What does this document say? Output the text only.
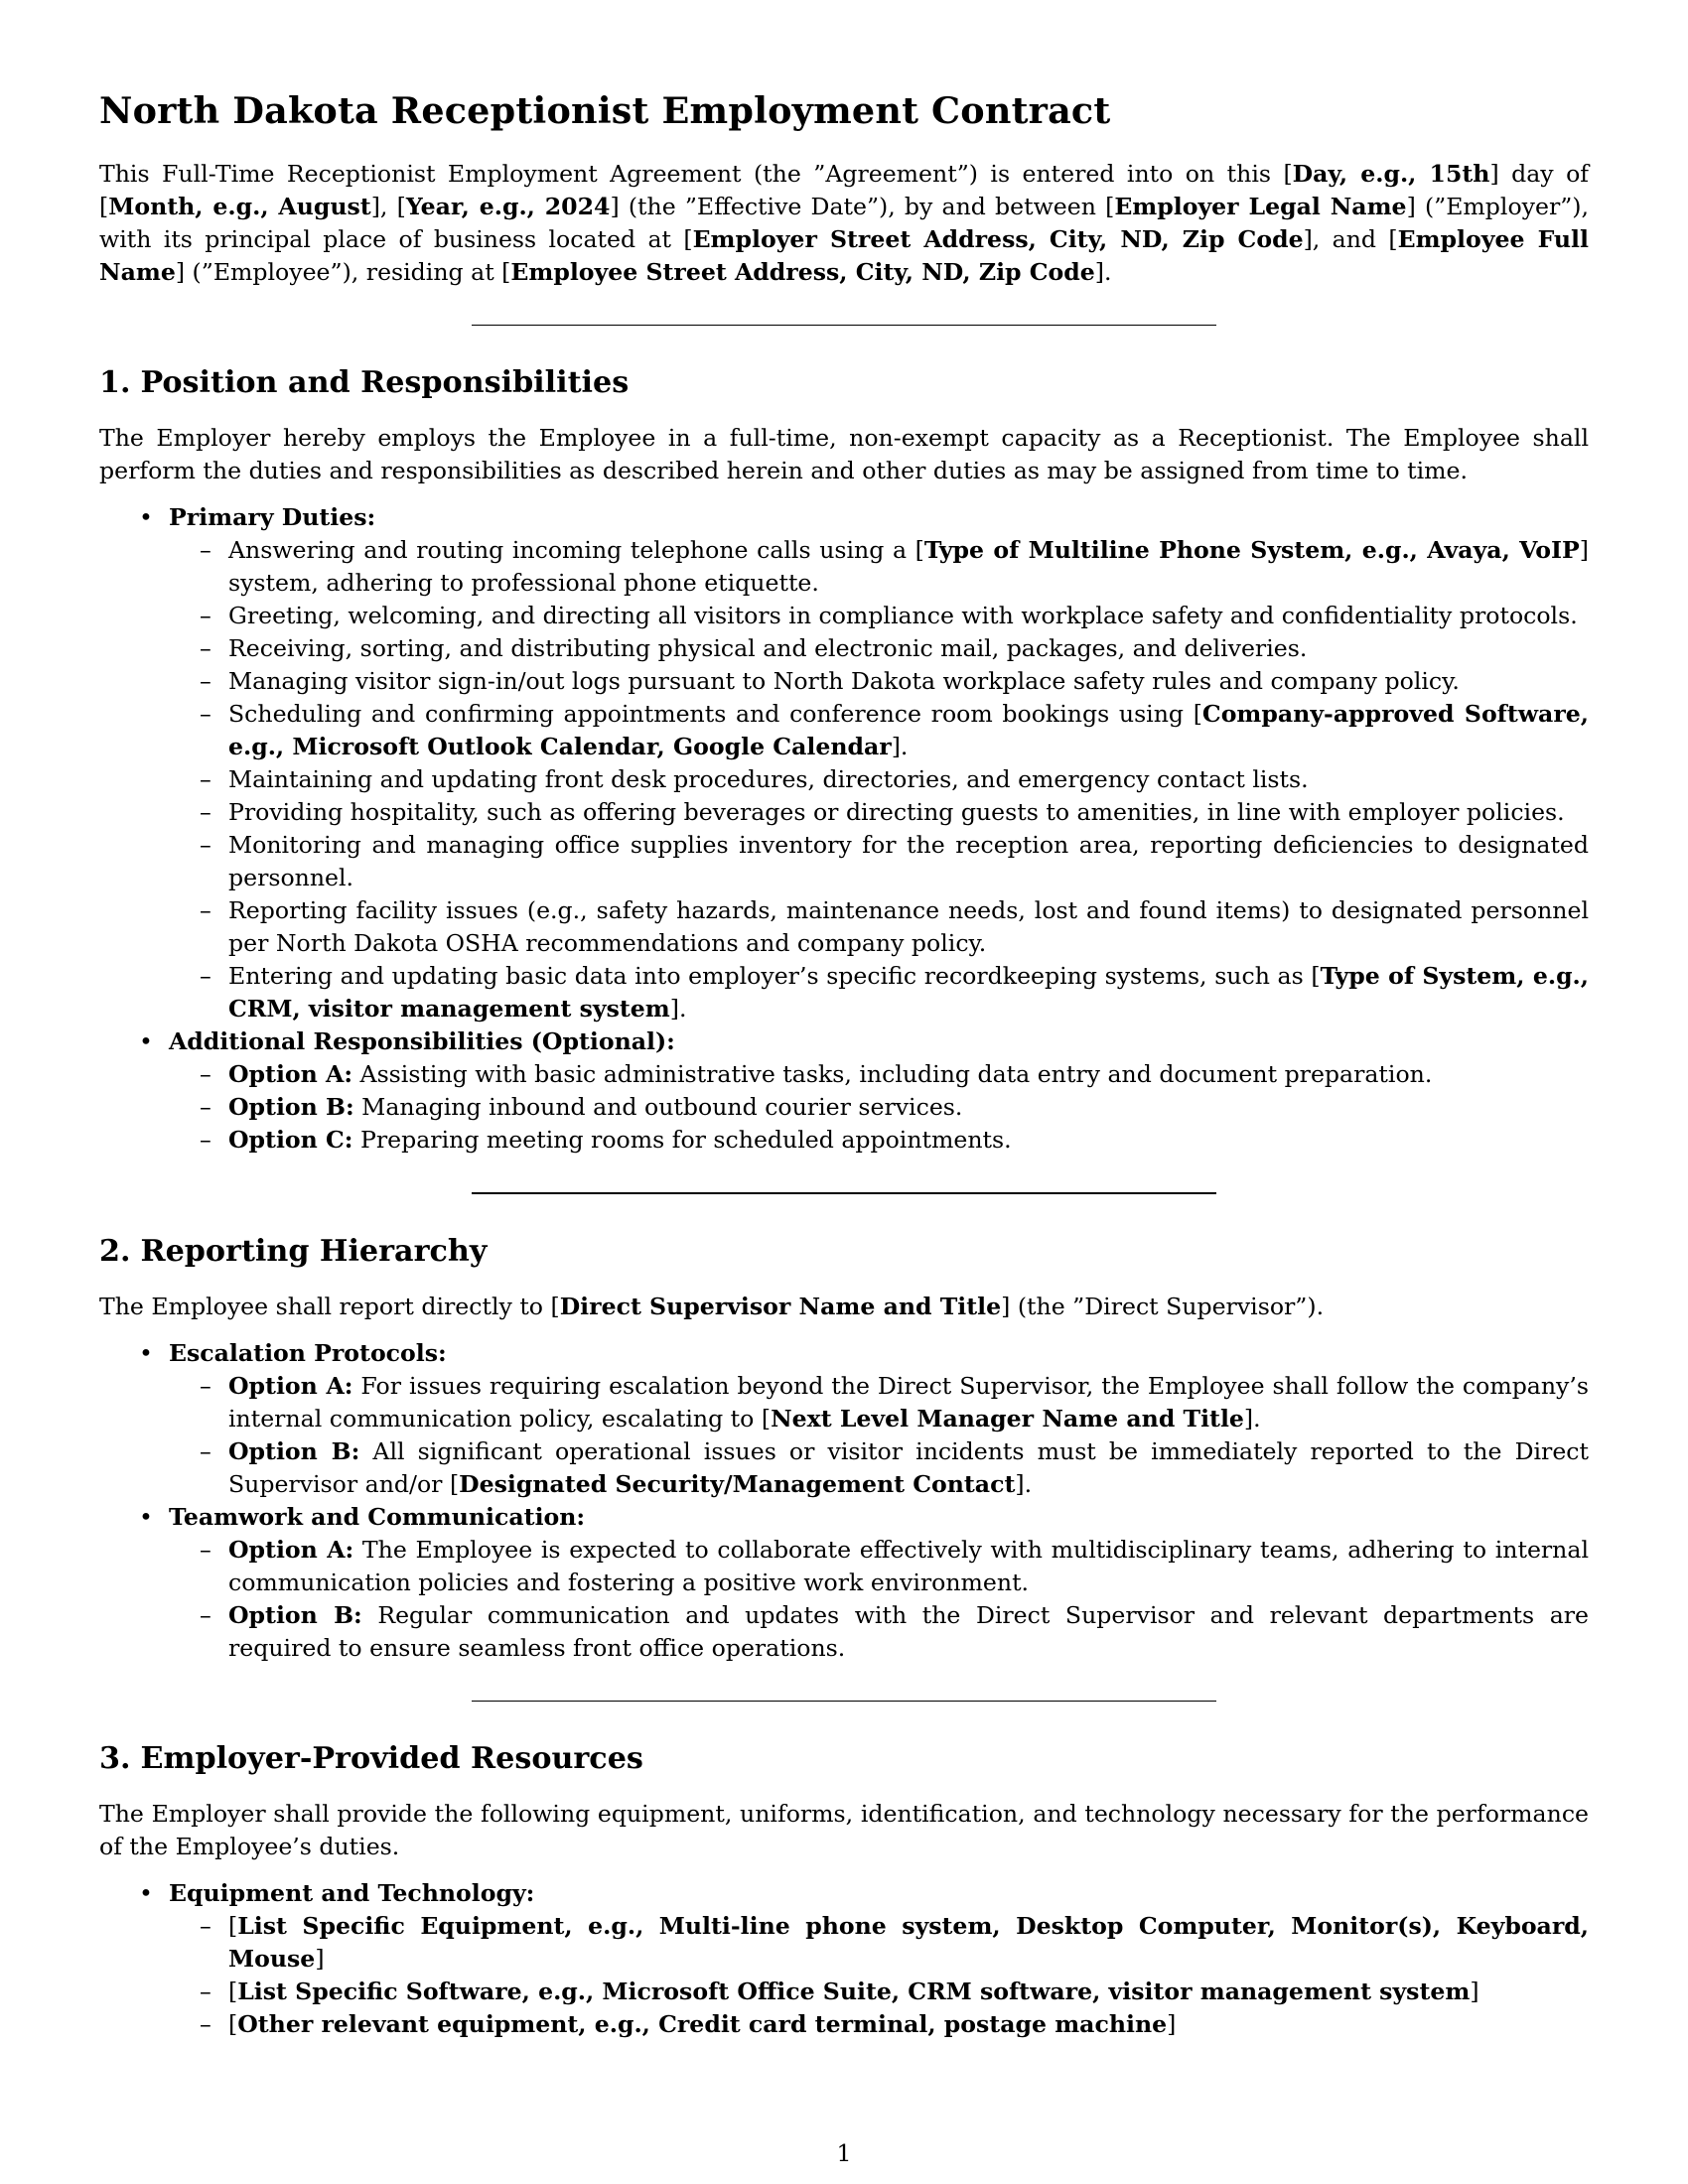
North Dakota Receptionist Employment Contract

This Full-Time Receptionist Employment Agreement (the ”Agreement”) is entered into on this [Day, e.g., 15th] day of [Month, e.g., August], [Year, e.g., 2024] (the ”Effective Date”), by and between [Employer Legal Name] (”Employer”), with its principal place of business located at [Employer Street Address, City, ND, Zip Code], and [Employee Full Name] (”Employee”), residing at [Employee Street Address, City, ND, Zip Code].

1. Position and Responsibilities

The Employer hereby employs the Employee in a full-time, non-exempt capacity as a Receptionist. The Employee shall perform the duties and responsibilities as described herein and other duties as may be assigned from time to time.

• Primary Duties:
– Answering and routing incoming telephone calls using a [Type of Multiline Phone System, e.g., Avaya, VoIP] system, adhering to professional phone etiquette.
– Greeting, welcoming, and directing all visitors in compliance with workplace safety and confidentiality protocols.
– Receiving, sorting, and distributing physical and electronic mail, packages, and deliveries.
– Managing visitor sign-in/out logs pursuant to North Dakota workplace safety rules and company policy.
– Scheduling and confirming appointments and conference room bookings using [Company-approved Software, e.g., Microsoft Outlook Calendar, Google Calendar].
– Maintaining and updating front desk procedures, directories, and emergency contact lists.
– Providing hospitality, such as offering beverages or directing guests to amenities, in line with employer policies.
– Monitoring and managing office supplies inventory for the reception area, reporting deficiencies to designated personnel.
– Reporting facility issues (e.g., safety hazards, maintenance needs, lost and found items) to designated personnel per North Dakota OSHA recommendations and company policy.
– Entering and updating basic data into employer’s specific recordkeeping systems, such as [Type of System, e.g., CRM, visitor management system].
• Additional Responsibilities (Optional):
– Option A: Assisting with basic administrative tasks, including data entry and document preparation.
– Option B: Managing inbound and outbound courier services.
– Option C: Preparing meeting rooms for scheduled appointments.
2. Reporting Hierarchy

The Employee shall report directly to [Direct Supervisor Name and Title] (the ”Direct Supervisor”).

• Escalation Protocols:
– Option A: For issues requiring escalation beyond the Direct Supervisor, the Employee shall follow the company’s internal communication policy, escalating to [Next Level Manager Name and Title].
– Option B: All significant operational issues or visitor incidents must be immediately reported to the Direct Supervisor and/or [Designated Security/Management Contact].
• Teamwork and Communication:
– Option A: The Employee is expected to collaborate effectively with multidisciplinary teams, adhering to internal communication policies and fostering a positive work environment.
– Option B: Regular communication and updates with the Direct Supervisor and relevant departments are required to ensure seamless front office operations.
3. Employer-Provided Resources

The Employer shall provide the following equipment, uniforms, identification, and technology necessary for the performance of the Employee’s duties.

• Equipment and Technology:
– [List Specific Equipment, e.g., Multi-line phone system, Desktop Computer, Monitor(s), Keyboard, Mouse]
– [List Specific Software, e.g., Microsoft Office Suite, CRM software, visitor management system]
– [Other relevant equipment, e.g., Credit card terminal, postage machine]
1
